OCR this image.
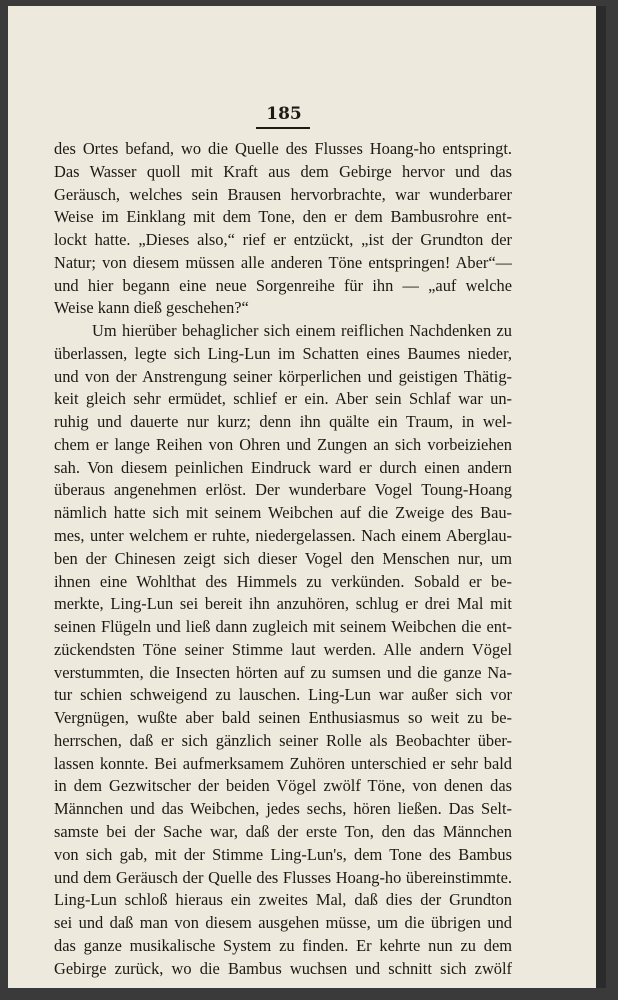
185
des Ortes befand, wo die Quelle des Flusses Hoang-ho entspringt.
Das Wasser quoll mit Kraft aus dem Gebirge hervor und das
Geräusch, welches sein Brausen hervorbrachte, war wunderbarer
Weise im Einklang mit dem Tone, den er dem Bambusrohre ent-
lockt hatte. „Dieses also,“ rief er entzückt, „ist der Grundton der
Natur; von diesem müssen alle anderen Töne entspringen! Aber“—
und hier begann eine neue Sorgenreihe für ihn — „auf welche
Weise kann dieß geschehen?“
Um hierüber behaglicher sich einem reiflichen Nachdenken zu
überlassen, legte sich Ling-Lun im Schatten eines Baumes nieder,
und von der Anstrengung seiner körperlichen und geistigen Thätig-
keit gleich sehr ermüdet, schlief er ein. Aber sein Schlaf war un-
ruhig und dauerte nur kurz; denn ihn quälte ein Traum, in wel-
chem er lange Reihen von Ohren und Zungen an sich vorbeiziehen
sah. Von diesem peinlichen Eindruck ward er durch einen andern
überaus angenehmen erlöst. Der wunderbare Vogel Toung-Hoang
nämlich hatte sich mit seinem Weibchen auf die Zweige des Bau-
mes, unter welchem er ruhte, niedergelassen. Nach einem Aberglau-
ben der Chinesen zeigt sich dieser Vogel den Menschen nur, um
ihnen eine Wohlthat des Himmels zu verkünden. Sobald er be-
merkte, Ling-Lun sei bereit ihn anzuhören, schlug er drei Mal mit
seinen Flügeln und ließ dann zugleich mit seinem Weibchen die ent-
zückendsten Töne seiner Stimme laut werden. Alle andern Vögel
verstummten, die Insecten hörten auf zu sumsen und die ganze Na-
tur schien schweigend zu lauschen. Ling-Lun war außer sich vor
Vergnügen, wußte aber bald seinen Enthusiasmus so weit zu be-
herrschen, daß er sich gänzlich seiner Rolle als Beobachter über-
lassen konnte. Bei aufmerksamem Zuhören unterschied er sehr bald
in dem Gezwitscher der beiden Vögel zwölf Töne, von denen das
Männchen und das Weibchen, jedes sechs, hören ließen. Das Selt-
samste bei der Sache war, daß der erste Ton, den das Männchen
von sich gab, mit der Stimme Ling-Lun's, dem Tone des Bambus
und dem Geräusch der Quelle des Flusses Hoang-ho übereinstimmte.
Ling-Lun schloß hieraus ein zweites Mal, daß dies der Grundton
sei und daß man von diesem ausgehen müsse, um die übrigen und
das ganze musikalische System zu finden. Er kehrte nun zu dem
Gebirge zurück, wo die Bambus wuchsen und schnitt sich zwölf
